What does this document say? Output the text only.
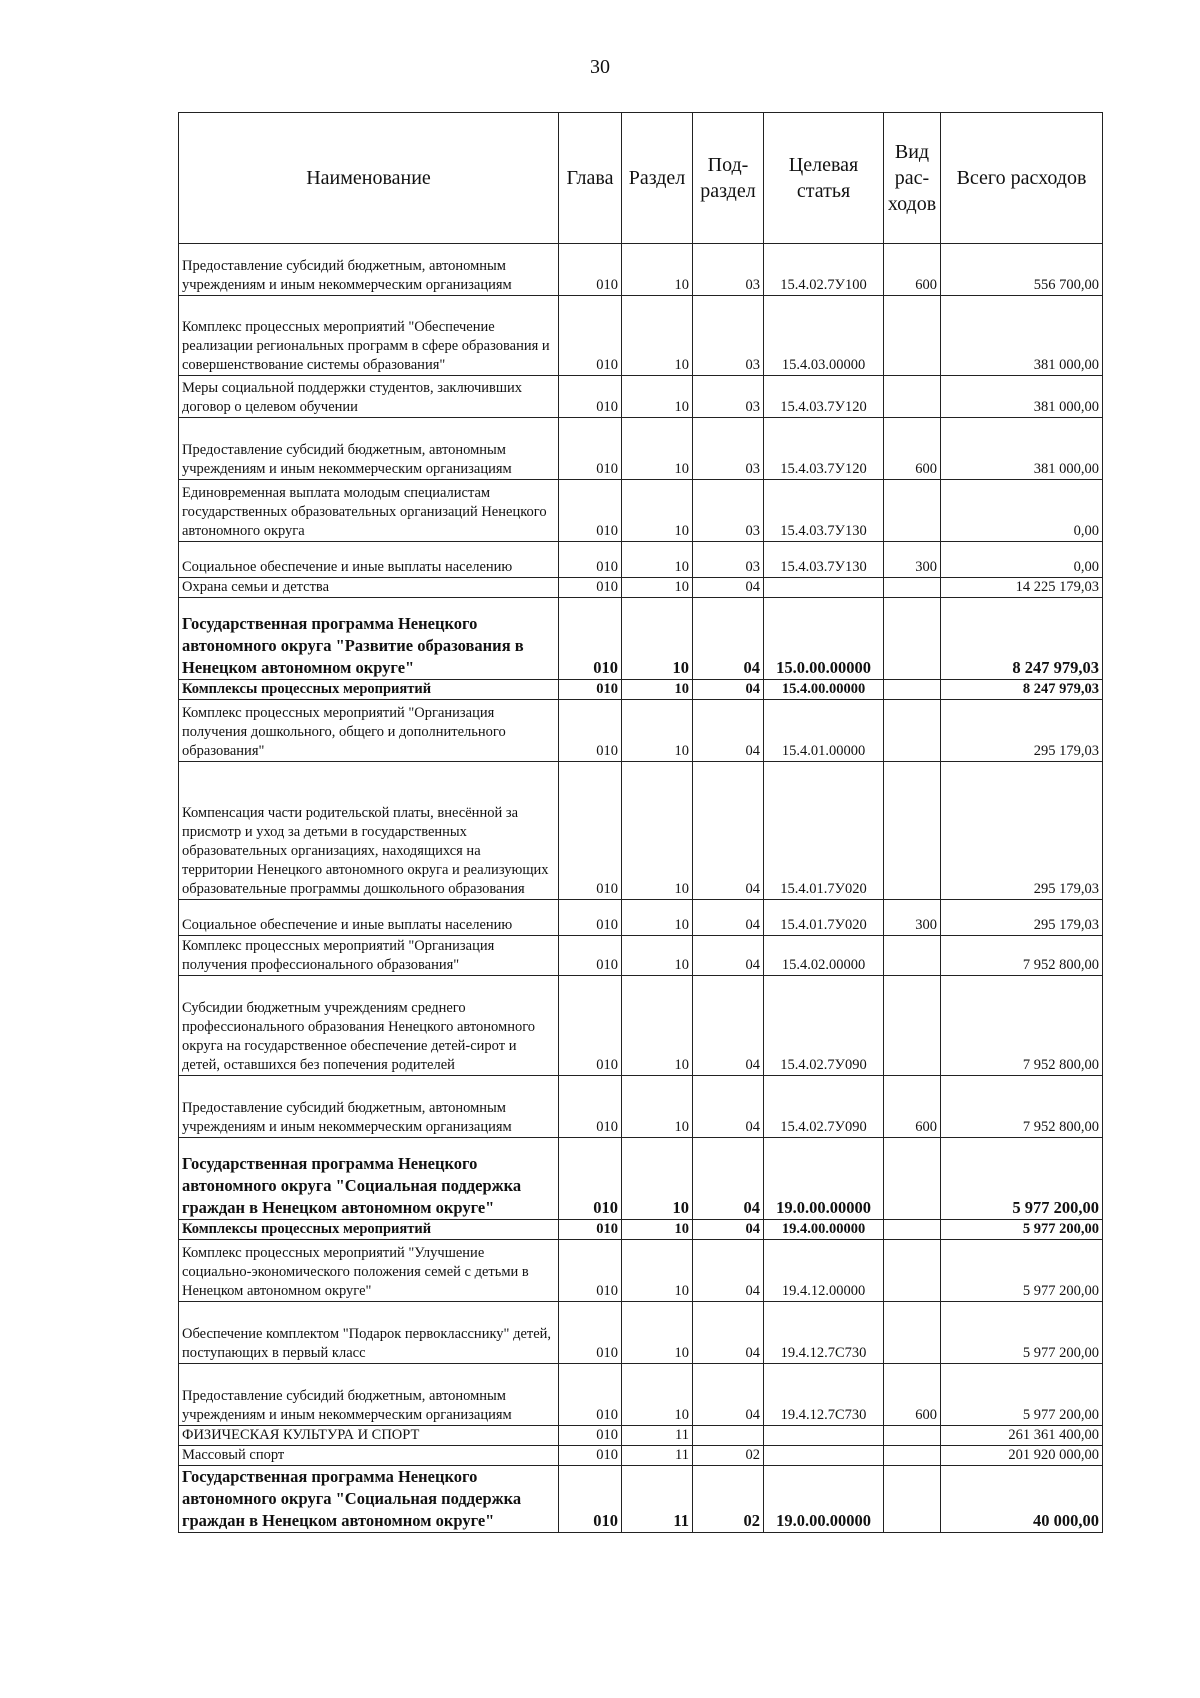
30
Наименование	Глава	Раздел	Под-раздел	Целевая статья	Вид рас-ходов	Всего расходов
Предоставление субсидий бюджетным, автономным учреждениям и иным некоммерческим организациям	010	10	03	15.4.02.7У100	600	556 700,00
Комплекс процессных мероприятий "Обеспечение реализации региональных программ в сфере образования и совершенствование системы образования"	010	10	03	15.4.03.00000		381 000,00
Меры социальной поддержки студентов, заключивших договор о целевом обучении	010	10	03	15.4.03.7У120		381 000,00
Предоставление субсидий бюджетным, автономным учреждениям и иным некоммерческим организациям	010	10	03	15.4.03.7У120	600	381 000,00
Единовременная выплата молодым специалистам государственных образовательных организаций Ненецкого автономного округа	010	10	03	15.4.03.7У130		0,00
Социальное обеспечение и иные выплаты населению	010	10	03	15.4.03.7У130	300	0,00
Охрана семьи и детства	010	10	04			14 225 179,03
Государственная программа Ненецкого автономного округа "Развитие образования в Ненецком автономном округе"	010	10	04	15.0.00.00000		8 247 979,03
Комплексы процессных мероприятий	010	10	04	15.4.00.00000		8 247 979,03
Комплекс процессных мероприятий "Организация получения дошкольного, общего и дополнительного образования"	010	10	04	15.4.01.00000		295 179,03
Компенсация части родительской платы, внесённой за присмотр и уход за детьми в государственных образовательных организациях, находящихся на территории Ненецкого автономного округа и реализующих образовательные программы дошкольного образования	010	10	04	15.4.01.7У020		295 179,03
Социальное обеспечение и иные выплаты населению	010	10	04	15.4.01.7У020	300	295 179,03
Комплекс процессных мероприятий "Организация получения профессионального образования"	010	10	04	15.4.02.00000		7 952 800,00
Субсидии бюджетным учреждениям среднего профессионального образования Ненецкого автономного округа на государственное обеспечение детей-сирот и детей, оставшихся без попечения родителей	010	10	04	15.4.02.7У090		7 952 800,00
Предоставление субсидий бюджетным, автономным учреждениям и иным некоммерческим организациям	010	10	04	15.4.02.7У090	600	7 952 800,00
Государственная программа Ненецкого автономного округа "Социальная поддержка граждан в Ненецком автономном округе"	010	10	04	19.0.00.00000		5 977 200,00
Комплексы процессных мероприятий	010	10	04	19.4.00.00000		5 977 200,00
Комплекс процессных мероприятий "Улучшение социально-экономического положения семей с детьми в Ненецком автономном округе"	010	10	04	19.4.12.00000		5 977 200,00
Обеспечение комплектом "Подарок первокласснику" детей, поступающих в первый класс	010	10	04	19.4.12.7С730		5 977 200,00
Предоставление субсидий бюджетным, автономным учреждениям и иным некоммерческим организациям	010	10	04	19.4.12.7С730	600	5 977 200,00
ФИЗИЧЕСКАЯ КУЛЬТУРА И СПОРТ	010	11				261 361 400,00
Массовый спорт	010	11	02			201 920 000,00
Государственная программа Ненецкого автономного округа "Социальная поддержка граждан в Ненецком автономном округе"	010	11	02	19.0.00.00000		40 000,00
